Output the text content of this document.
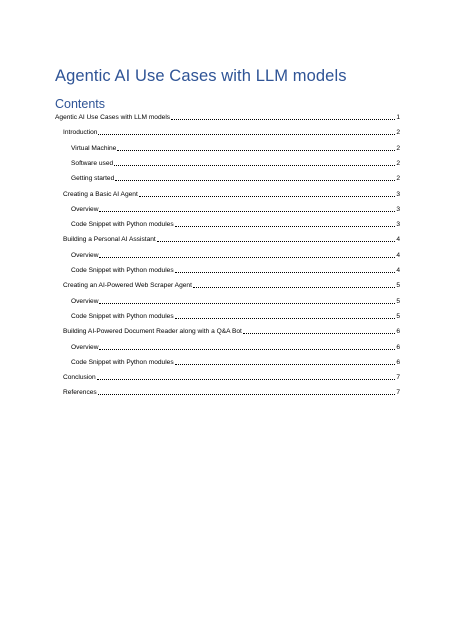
Agentic AI Use Cases with LLM models
Contents
Agentic AI Use Cases with LLM models	1
Introduction	2
Virtual Machine	2
Software used	2
Getting started	2
Creating a Basic AI Agent	3
Overview	3
Code Snippet with Python modules	3
Building a Personal AI Assistant	4
Overview	4
Code Snippet with Python modules	4
Creating an AI-Powered Web Scraper Agent	5
Overview	5
Code Snippet with Python modules	5
Building AI-Powered Document Reader along with a Q&A Bot	6
Overview	6
Code Snippet with Python modules	6
Conclusion	7
References	7
